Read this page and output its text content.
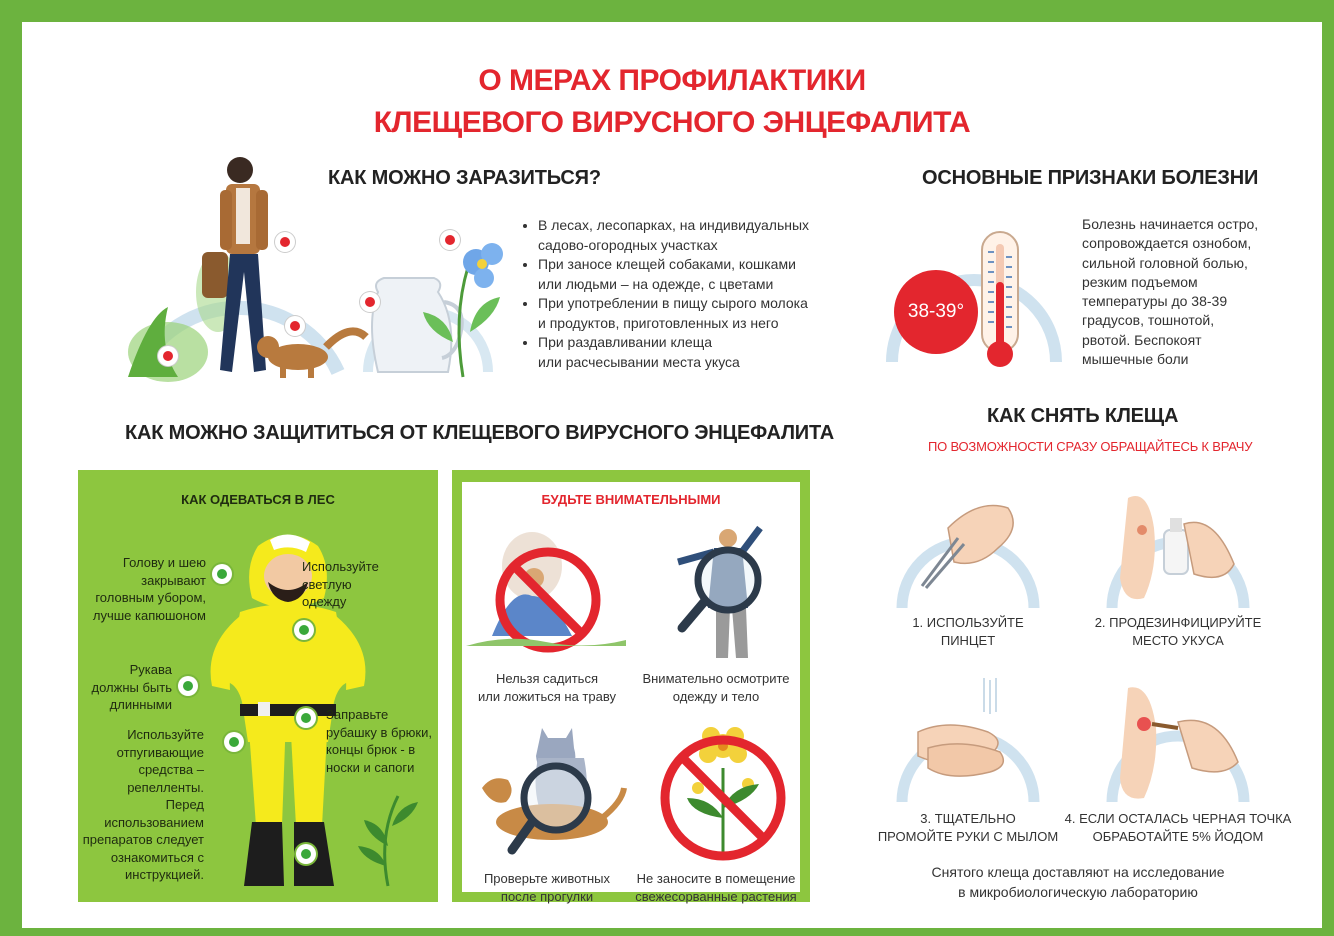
О МЕРАХ ПРОФИЛАКТИКИ
КЛЕЩЕВОГО ВИРУСНОГО ЭНЦЕФАЛИТА
КАК МОЖНО ЗАРАЗИТЬСЯ?
• В лесах, лесопарках, на индивидуальных
садово-огородных участках
• При заносе клещей собаками, кошками
или людьми – на одежде, с цветами
• При употреблении в пищу сырого молока
и продуктов, приготовленных из него
• При раздавливании клеща
или расчесывании места укуса
ОСНОВНЫЕ ПРИЗНАКИ БОЛЕЗНИ
38-39°
Болезнь начинается остро,
сопровождается ознобом,
сильной головной болью,
резким подъемом
температуры до 38-39
градусов, тошнотой,
рвотой. Беспокоят
мышечные боли
КАК МОЖНО ЗАЩИТИТЬСЯ ОТ КЛЕЩЕВОГО ВИРУСНОГО ЭНЦЕФАЛИТА
КАК ОДЕВАТЬСЯ В ЛЕС
Голову и шею
закрывают
головным убором,
лучше капюшоном
Используйте
светлую
одежду
Рукава
должны быть
длинными
Заправьте
рубашку в брюки,
концы брюк - в
носки и сапоги
Используйте
отпугивающие
средства –
репелленты.
Перед
использованием
препаратов следует
ознакомиться с
инструкцией.
БУДЬТЕ ВНИМАТЕЛЬНЫМИ
Нельзя садиться
или ложиться на траву
Внимательно осмотрите
одежду и тело
Проверьте животных
после прогулки
Не заносите в помещение
свежесорванные растения
КАК СНЯТЬ КЛЕЩА
ПО ВОЗМОЖНОСТИ СРАЗУ ОБРАЩАЙТЕСЬ К ВРАЧУ
1. ИСПОЛЬЗУЙТЕ
ПИНЦЕТ
2. ПРОДЕЗИНФИЦИРУЙТЕ
МЕСТО УКУСА
3. ТЩАТЕЛЬНО
ПРОМОЙТЕ РУКИ С МЫЛОМ
4. ЕСЛИ ОСТАЛАСЬ ЧЕРНАЯ ТОЧКА
ОБРАБОТАЙТЕ 5% ЙОДОМ
Снятого клеща доставляют на исследование
в микробиологическую лабораторию
